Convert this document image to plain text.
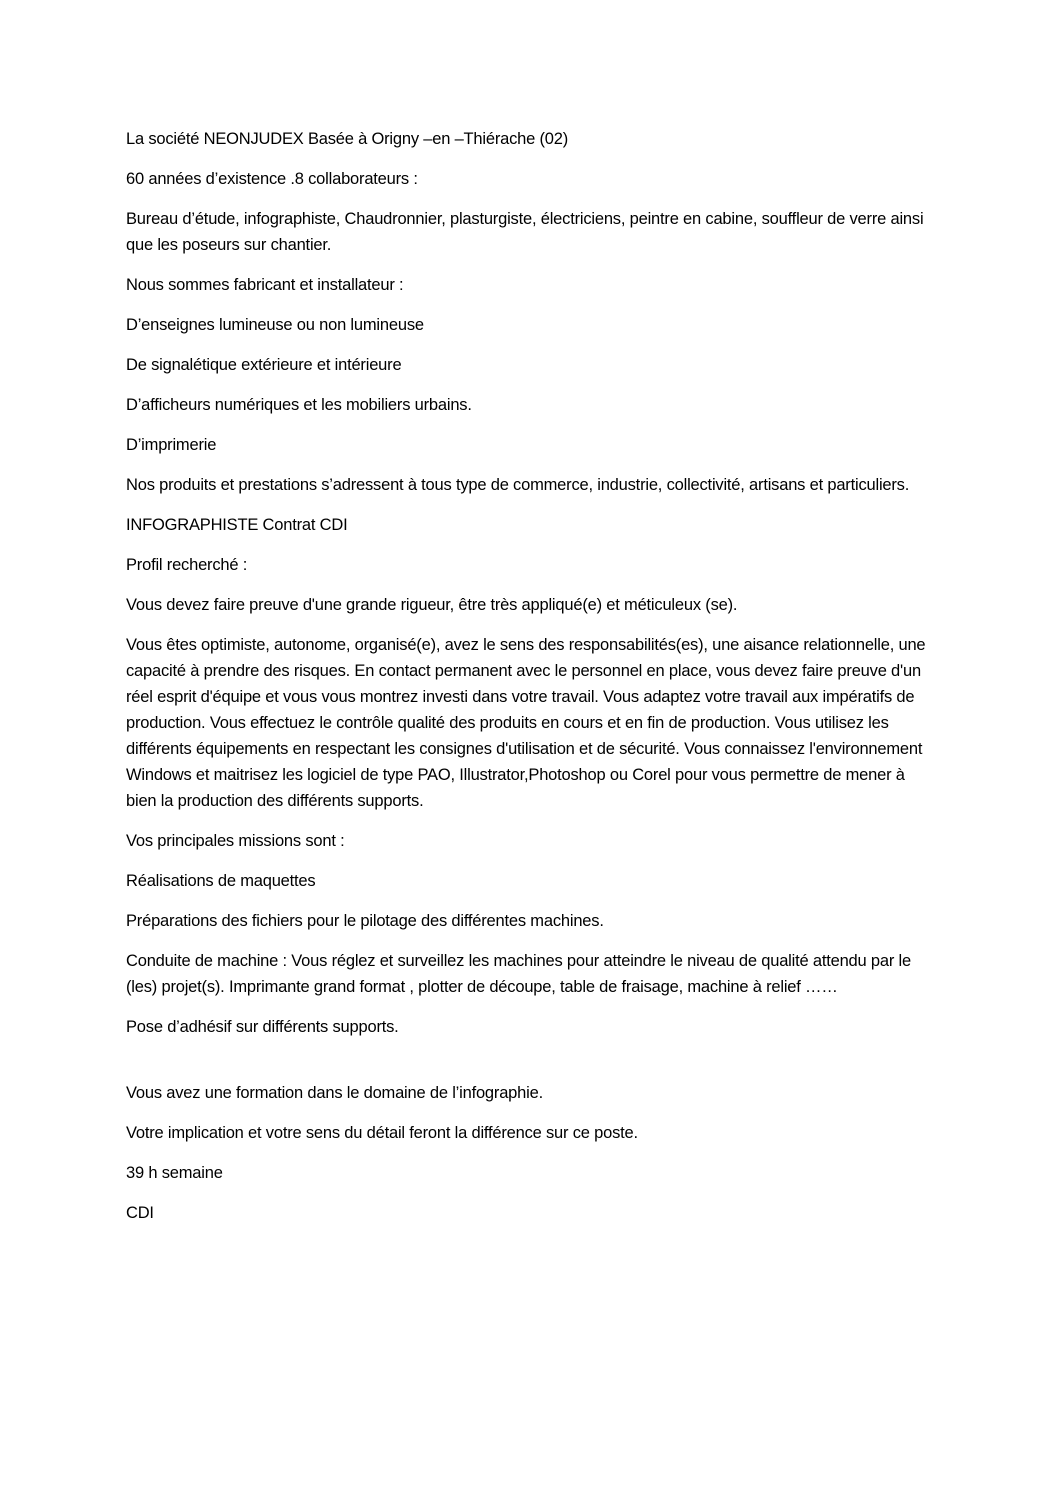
La société NEONJUDEX Basée à Origny –en –Thiérache (02)

60 années d’existence .8 collaborateurs :

Bureau d’étude, infographiste, Chaudronnier, plasturgiste, électriciens, peintre en cabine, souffleur de verre ainsi que les poseurs sur chantier.

Nous sommes fabricant et installateur :

D’enseignes lumineuse ou non lumineuse

De signalétique extérieure et intérieure

D’afficheurs numériques et les mobiliers urbains.

D’imprimerie

Nos produits et prestations s’adressent à tous type de commerce, industrie, collectivité, artisans et particuliers.

INFOGRAPHISTE Contrat CDI

Profil recherché :

Vous devez faire preuve d'une grande rigueur, être très appliqué(e) et méticuleux (se).

Vous êtes optimiste, autonome, organisé(e), avez le sens des responsabilités(es), une aisance relationnelle, une capacité à prendre des risques. En contact permanent avec le personnel en place, vous devez faire preuve d'un réel esprit d'équipe et vous vous montrez investi dans votre travail. Vous adaptez votre travail aux impératifs de production. Vous effectuez le contrôle qualité des produits en cours et en fin de production. Vous utilisez les différents équipements en respectant les consignes d'utilisation et de sécurité. Vous connaissez l'environnement Windows et maitrisez les logiciel de type PAO, Illustrator,Photoshop ou Corel pour vous permettre de mener à bien la production des différents supports.

Vos principales missions sont :

Réalisations de maquettes

Préparations des fichiers pour le pilotage des différentes machines.

Conduite de machine : Vous réglez et surveillez les machines pour atteindre le niveau de qualité attendu par le (les) projet(s). Imprimante grand format , plotter de découpe, table de fraisage, machine à relief ……

Pose d’adhésif sur différents supports.

Vous avez une formation dans le domaine de l’infographie.

Votre implication et votre sens du détail feront la différence sur ce poste.

39 h semaine

CDI
